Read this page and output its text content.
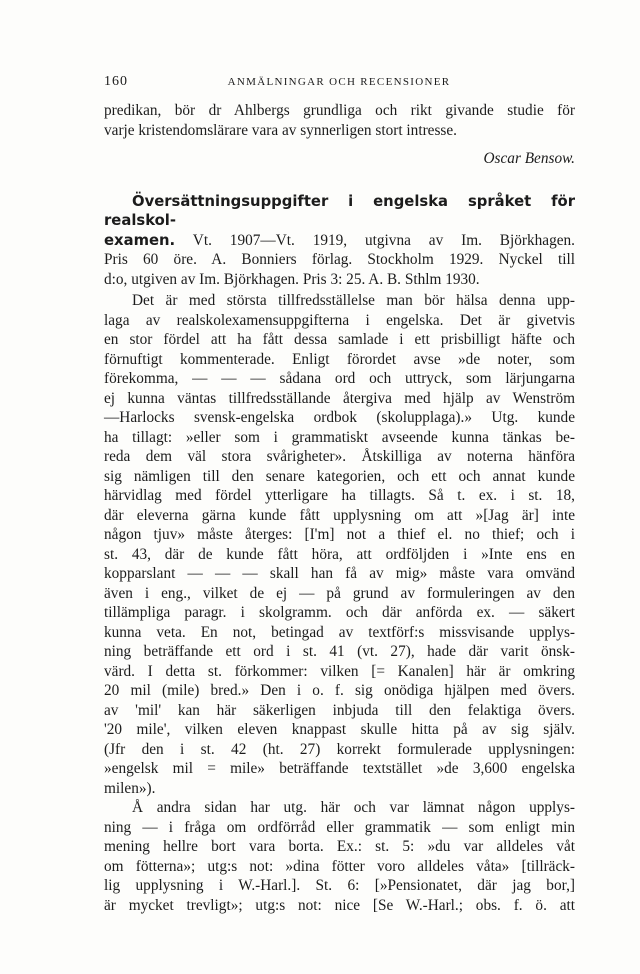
160	ANMÄLNINGAR OCH RECENSIONER

predikan, bör dr Ahlbergs grundliga och rikt givande studie för

varje kristendomslärare vara av synnerligen stort intresse.

Oscar Bensow.

Översättningsuppgifter i engelska språket för realskol-

examen. Vt. 1907—Vt. 1919, utgivna av Im. Björkhagen.

Pris 60 öre. A. Bonniers förlag. Stockholm 1929. Nyckel till

d:o, utgiven av Im. Björkhagen. Pris 3: 25. A. B. Sthlm 1930.

Det är med största tillfredsställelse man bör hälsa denna upp-

laga av realskolexamensuppgifterna i engelska. Det är givetvis

en stor fördel att ha fått dessa samlade i ett prisbilligt häfte och

förnuftigt kommenterade. Enligt förordet avse »de noter, som

förekomma, — — — sådana ord och uttryck, som lärjungarna

ej kunna väntas tillfredsställande återgiva med hjälp av Wenström

—Harlocks svensk-engelska ordbok (skolupplaga).» Utg. kunde

ha tillagt: »eller som i grammatiskt avseende kunna tänkas be-

reda dem väl stora svårigheter». Åtskilliga av noterna hänföra

sig nämligen till den senare kategorien, och ett och annat kunde

härvidlag med fördel ytterligare ha tillagts. Så t. ex. i st. 18,

där eleverna gärna kunde fått upplysning om att »[Jag är] inte

någon tjuv» måste återges: [I'm] not a thief el. no thief; och i

st. 43, där de kunde fått höra, att ordföljden i »Inte ens en

kopparslant — — — skall han få av mig» måste vara omvänd

även i eng., vilket de ej — på grund av formuleringen av den

tillämpliga paragr. i skolgramm. och där anförda ex. — säkert

kunna veta. En not, betingad av textförf:s missvisande upplys-

ning beträffande ett ord i st. 41 (vt. 27), hade där varit önsk-

värd. I detta st. förkommer: vilken [= Kanalen] här är omkring

20 mil (mile) bred.» Den i o. f. sig onödiga hjälpen med övers.

av 'mil' kan här säkerligen inbjuda till den felaktiga övers.

'20 mile', vilken eleven knappast skulle hitta på av sig själv.

(Jfr den i st. 42 (ht. 27) korrekt formulerade upplysningen:

»engelsk mil = mile» beträffande textstället »de 3,600 engelska

milen»).

Å andra sidan har utg. här och var lämnat någon upplys-

ning — i fråga om ordförråd eller grammatik — som enligt min

mening hellre bort vara borta. Ex.: st. 5: »du var alldeles våt

om fötterna»; utg:s not: »dina fötter voro alldeles våta» [tillräck-

lig upplysning i W.-Harl.]. St. 6: [»Pensionatet, där jag bor,]

är mycket trevligt»; utg:s not: nice [Se W.-Harl.; obs. f. ö. att
